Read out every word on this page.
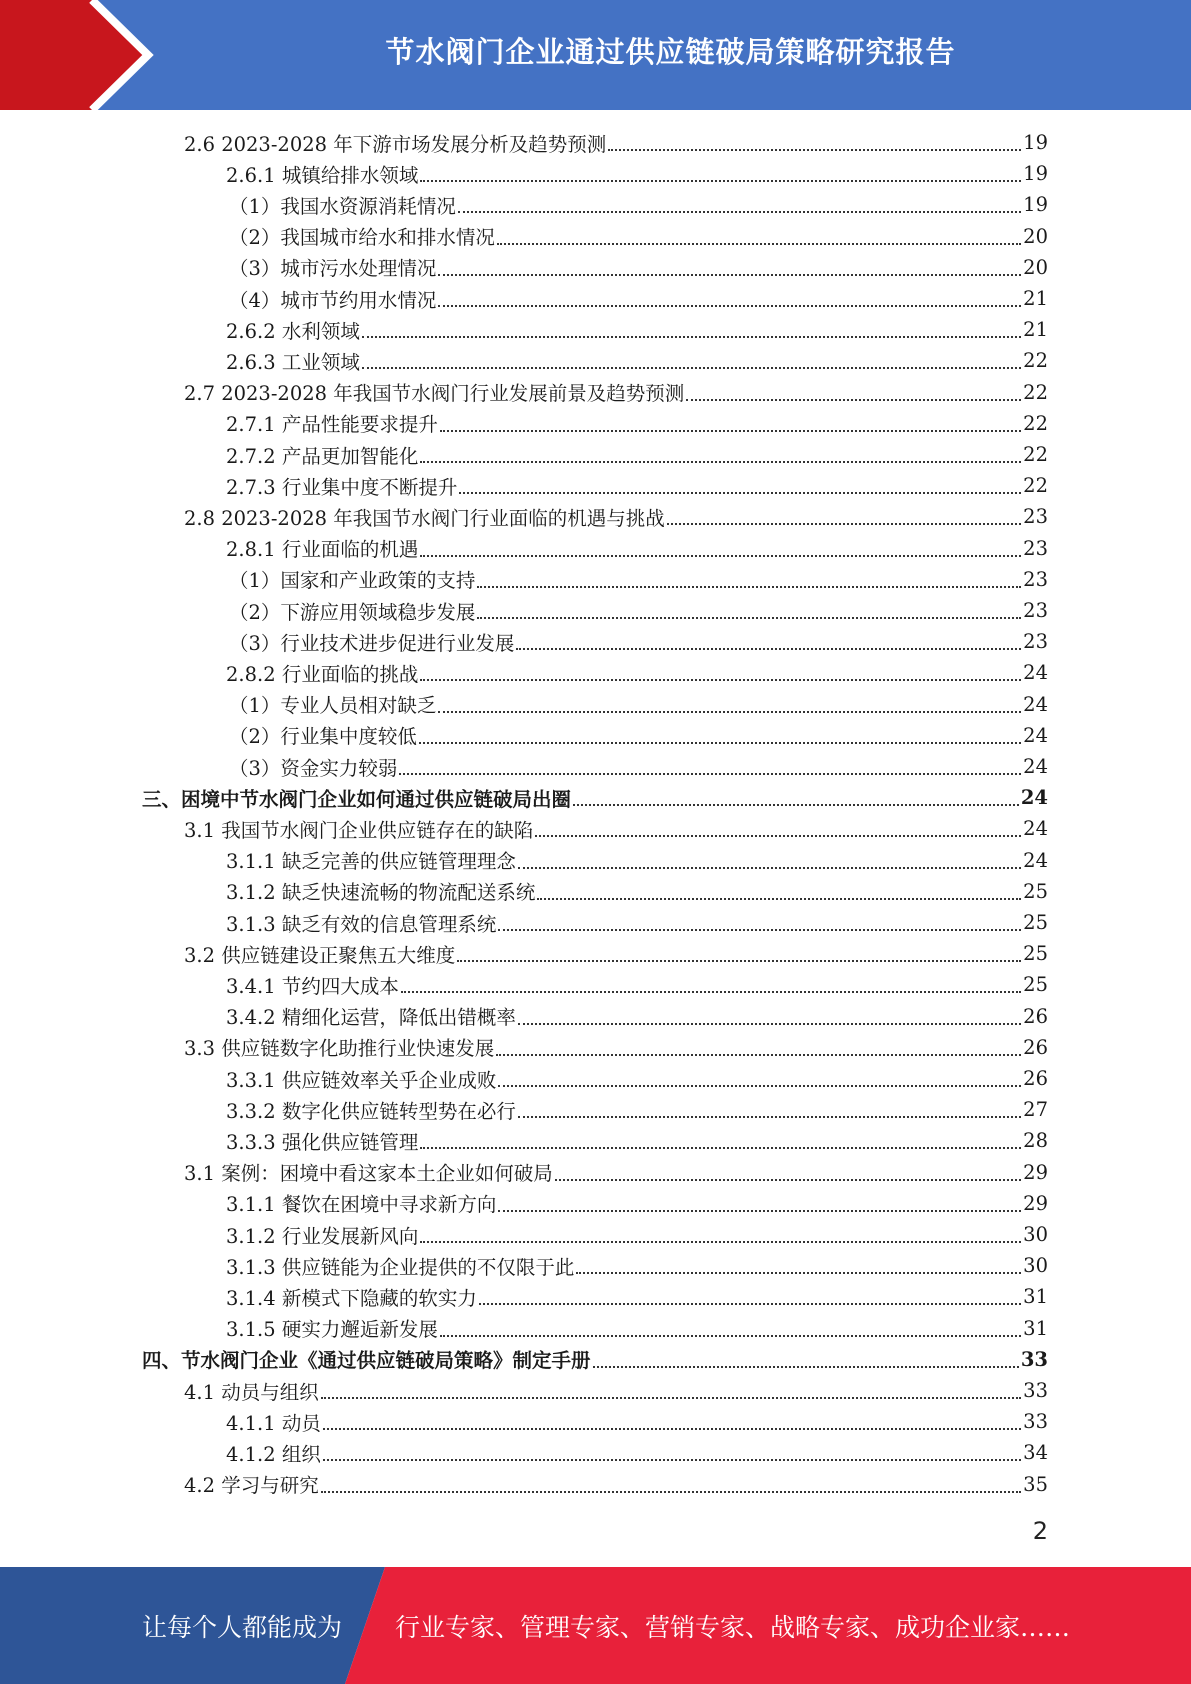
节水阀门企业通过供应链破局策略研究报告
2.6 2023-2028 年下游市场发展分析及趋势预测	19
2.6.1 城镇给排水领域	19
（1）我国水资源消耗情况	19
（2）我国城市给水和排水情况	20
（3）城市污水处理情况	20
（4）城市节约用水情况	21
2.6.2 水利领域	21
2.6.3 工业领域	22
2.7 2023-2028 年我国节水阀门行业发展前景及趋势预测	22
2.7.1 产品性能要求提升	22
2.7.2 产品更加智能化	22
2.7.3 行业集中度不断提升	22
2.8 2023-2028 年我国节水阀门行业面临的机遇与挑战	23
2.8.1 行业面临的机遇	23
（1）国家和产业政策的支持	23
（2）下游应用领域稳步发展	23
（3）行业技术进步促进行业发展	23
2.8.2 行业面临的挑战	24
（1）专业人员相对缺乏	24
（2）行业集中度较低	24
（3）资金实力较弱	24
三、困境中节水阀门企业如何通过供应链破局出圈	24
3.1 我国节水阀门企业供应链存在的缺陷	24
3.1.1 缺乏完善的供应链管理理念	24
3.1.2 缺乏快速流畅的物流配送系统	25
3.1.3 缺乏有效的信息管理系统	25
3.2 供应链建设正聚焦五大维度	25
3.4.1 节约四大成本	25
3.4.2 精细化运营，降低出错概率	26
3.3 供应链数字化助推行业快速发展	26
3.3.1 供应链效率关乎企业成败	26
3.3.2 数字化供应链转型势在必行	27
3.3.3 强化供应链管理	28
3.1 案例：困境中看这家本土企业如何破局	29
3.1.1 餐饮在困境中寻求新方向	29
3.1.2 行业发展新风向	30
3.1.3 供应链能为企业提供的不仅限于此	30
3.1.4 新模式下隐藏的软实力	31
3.1.5 硬实力邂逅新发展	31
四、节水阀门企业《通过供应链破局策略》制定手册	33
4.1 动员与组织	33
4.1.1 动员	33
4.1.2 组织	34
4.2 学习与研究	35
2
让每个人都能成为 行业专家、管理专家、营销专家、战略专家、成功企业家……
